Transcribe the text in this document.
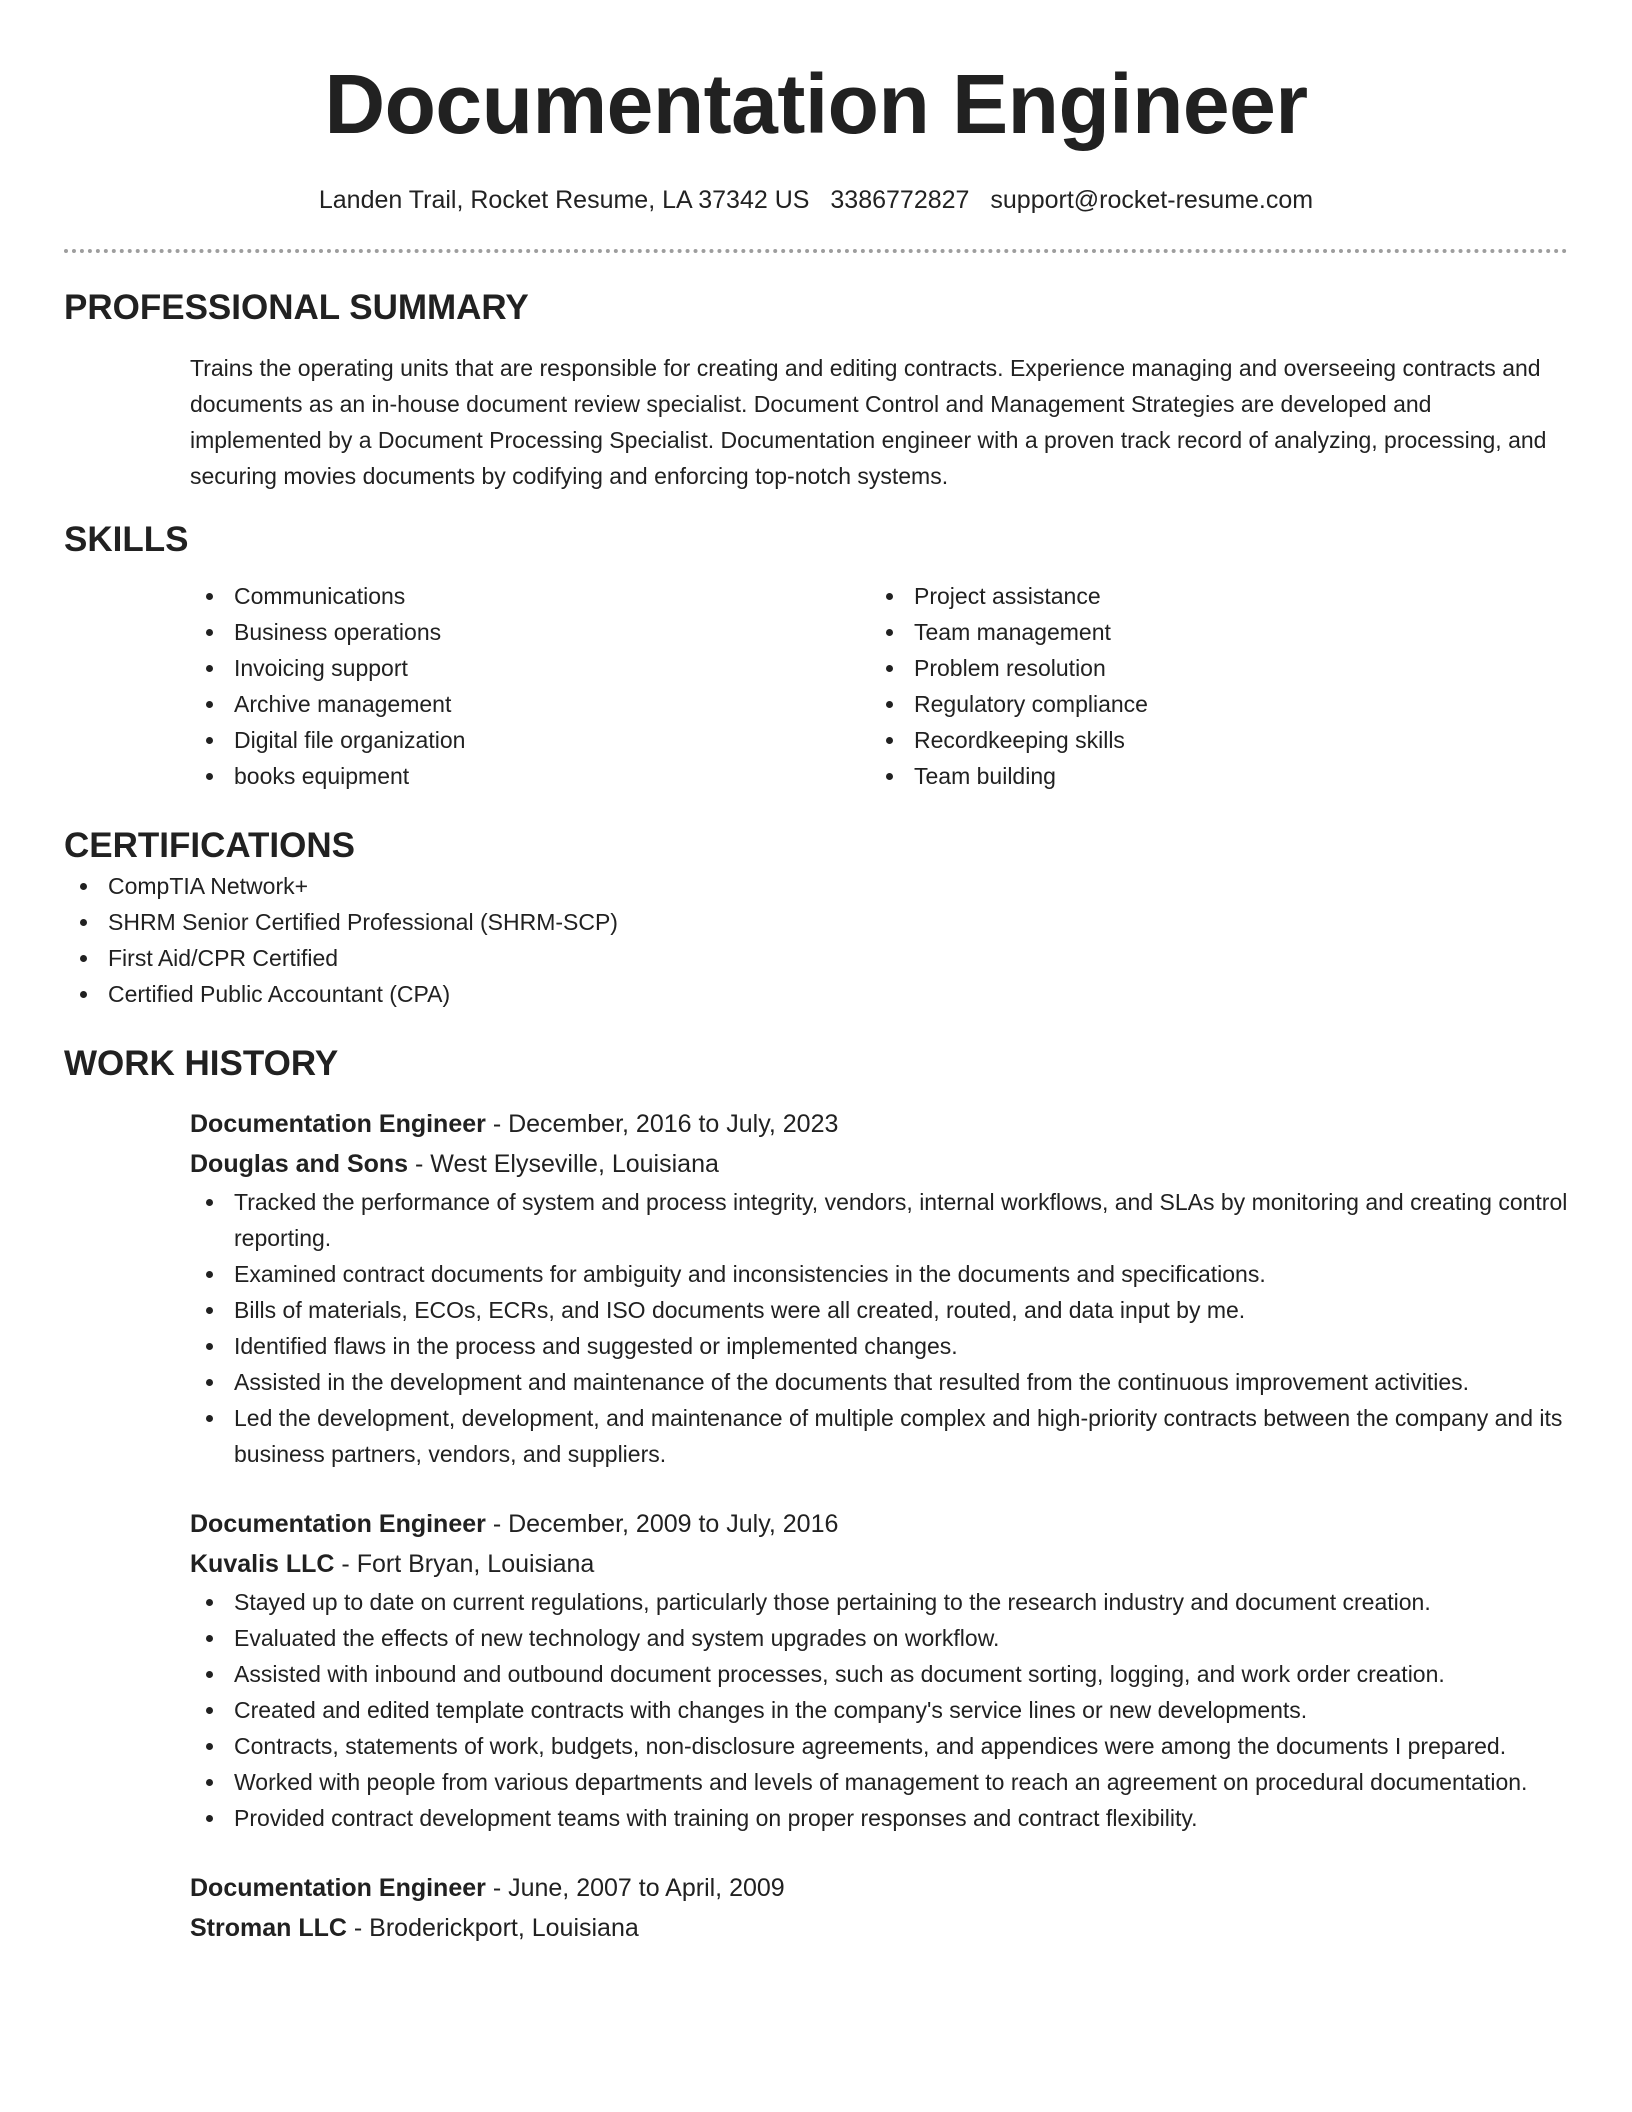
Documentation Engineer
Landen Trail, Rocket Resume, LA 37342 US 3386772827 support@rocket-resume.com
PROFESSIONAL SUMMARY
Trains the operating units that are responsible for creating and editing contracts. Experience managing and overseeing contracts and documents as an in-house document review specialist. Document Control and Management Strategies are developed and implemented by a Document Processing Specialist. Documentation engineer with a proven track record of analyzing, processing, and securing movies documents by codifying and enforcing top-notch systems.
SKILLS
Communications
Business operations
Invoicing support
Archive management
Digital file organization
books equipment
Project assistance
Team management
Problem resolution
Regulatory compliance
Recordkeeping skills
Team building
CERTIFICATIONS
CompTIA Network+
SHRM Senior Certified Professional (SHRM-SCP)
First Aid/CPR Certified
Certified Public Accountant (CPA)
WORK HISTORY
Documentation Engineer - December, 2016 to July, 2023
Douglas and Sons - West Elyseville, Louisiana
Tracked the performance of system and process integrity, vendors, internal workflows, and SLAs by monitoring and creating control reporting.
Examined contract documents for ambiguity and inconsistencies in the documents and specifications.
Bills of materials, ECOs, ECRs, and ISO documents were all created, routed, and data input by me.
Identified flaws in the process and suggested or implemented changes.
Assisted in the development and maintenance of the documents that resulted from the continuous improvement activities.
Led the development, development, and maintenance of multiple complex and high-priority contracts between the company and its business partners, vendors, and suppliers.
Documentation Engineer - December, 2009 to July, 2016
Kuvalis LLC - Fort Bryan, Louisiana
Stayed up to date on current regulations, particularly those pertaining to the research industry and document creation.
Evaluated the effects of new technology and system upgrades on workflow.
Assisted with inbound and outbound document processes, such as document sorting, logging, and work order creation.
Created and edited template contracts with changes in the company's service lines or new developments.
Contracts, statements of work, budgets, non-disclosure agreements, and appendices were among the documents I prepared.
Worked with people from various departments and levels of management to reach an agreement on procedural documentation.
Provided contract development teams with training on proper responses and contract flexibility.
Documentation Engineer - June, 2007 to April, 2009
Stroman LLC - Broderickport, Louisiana
